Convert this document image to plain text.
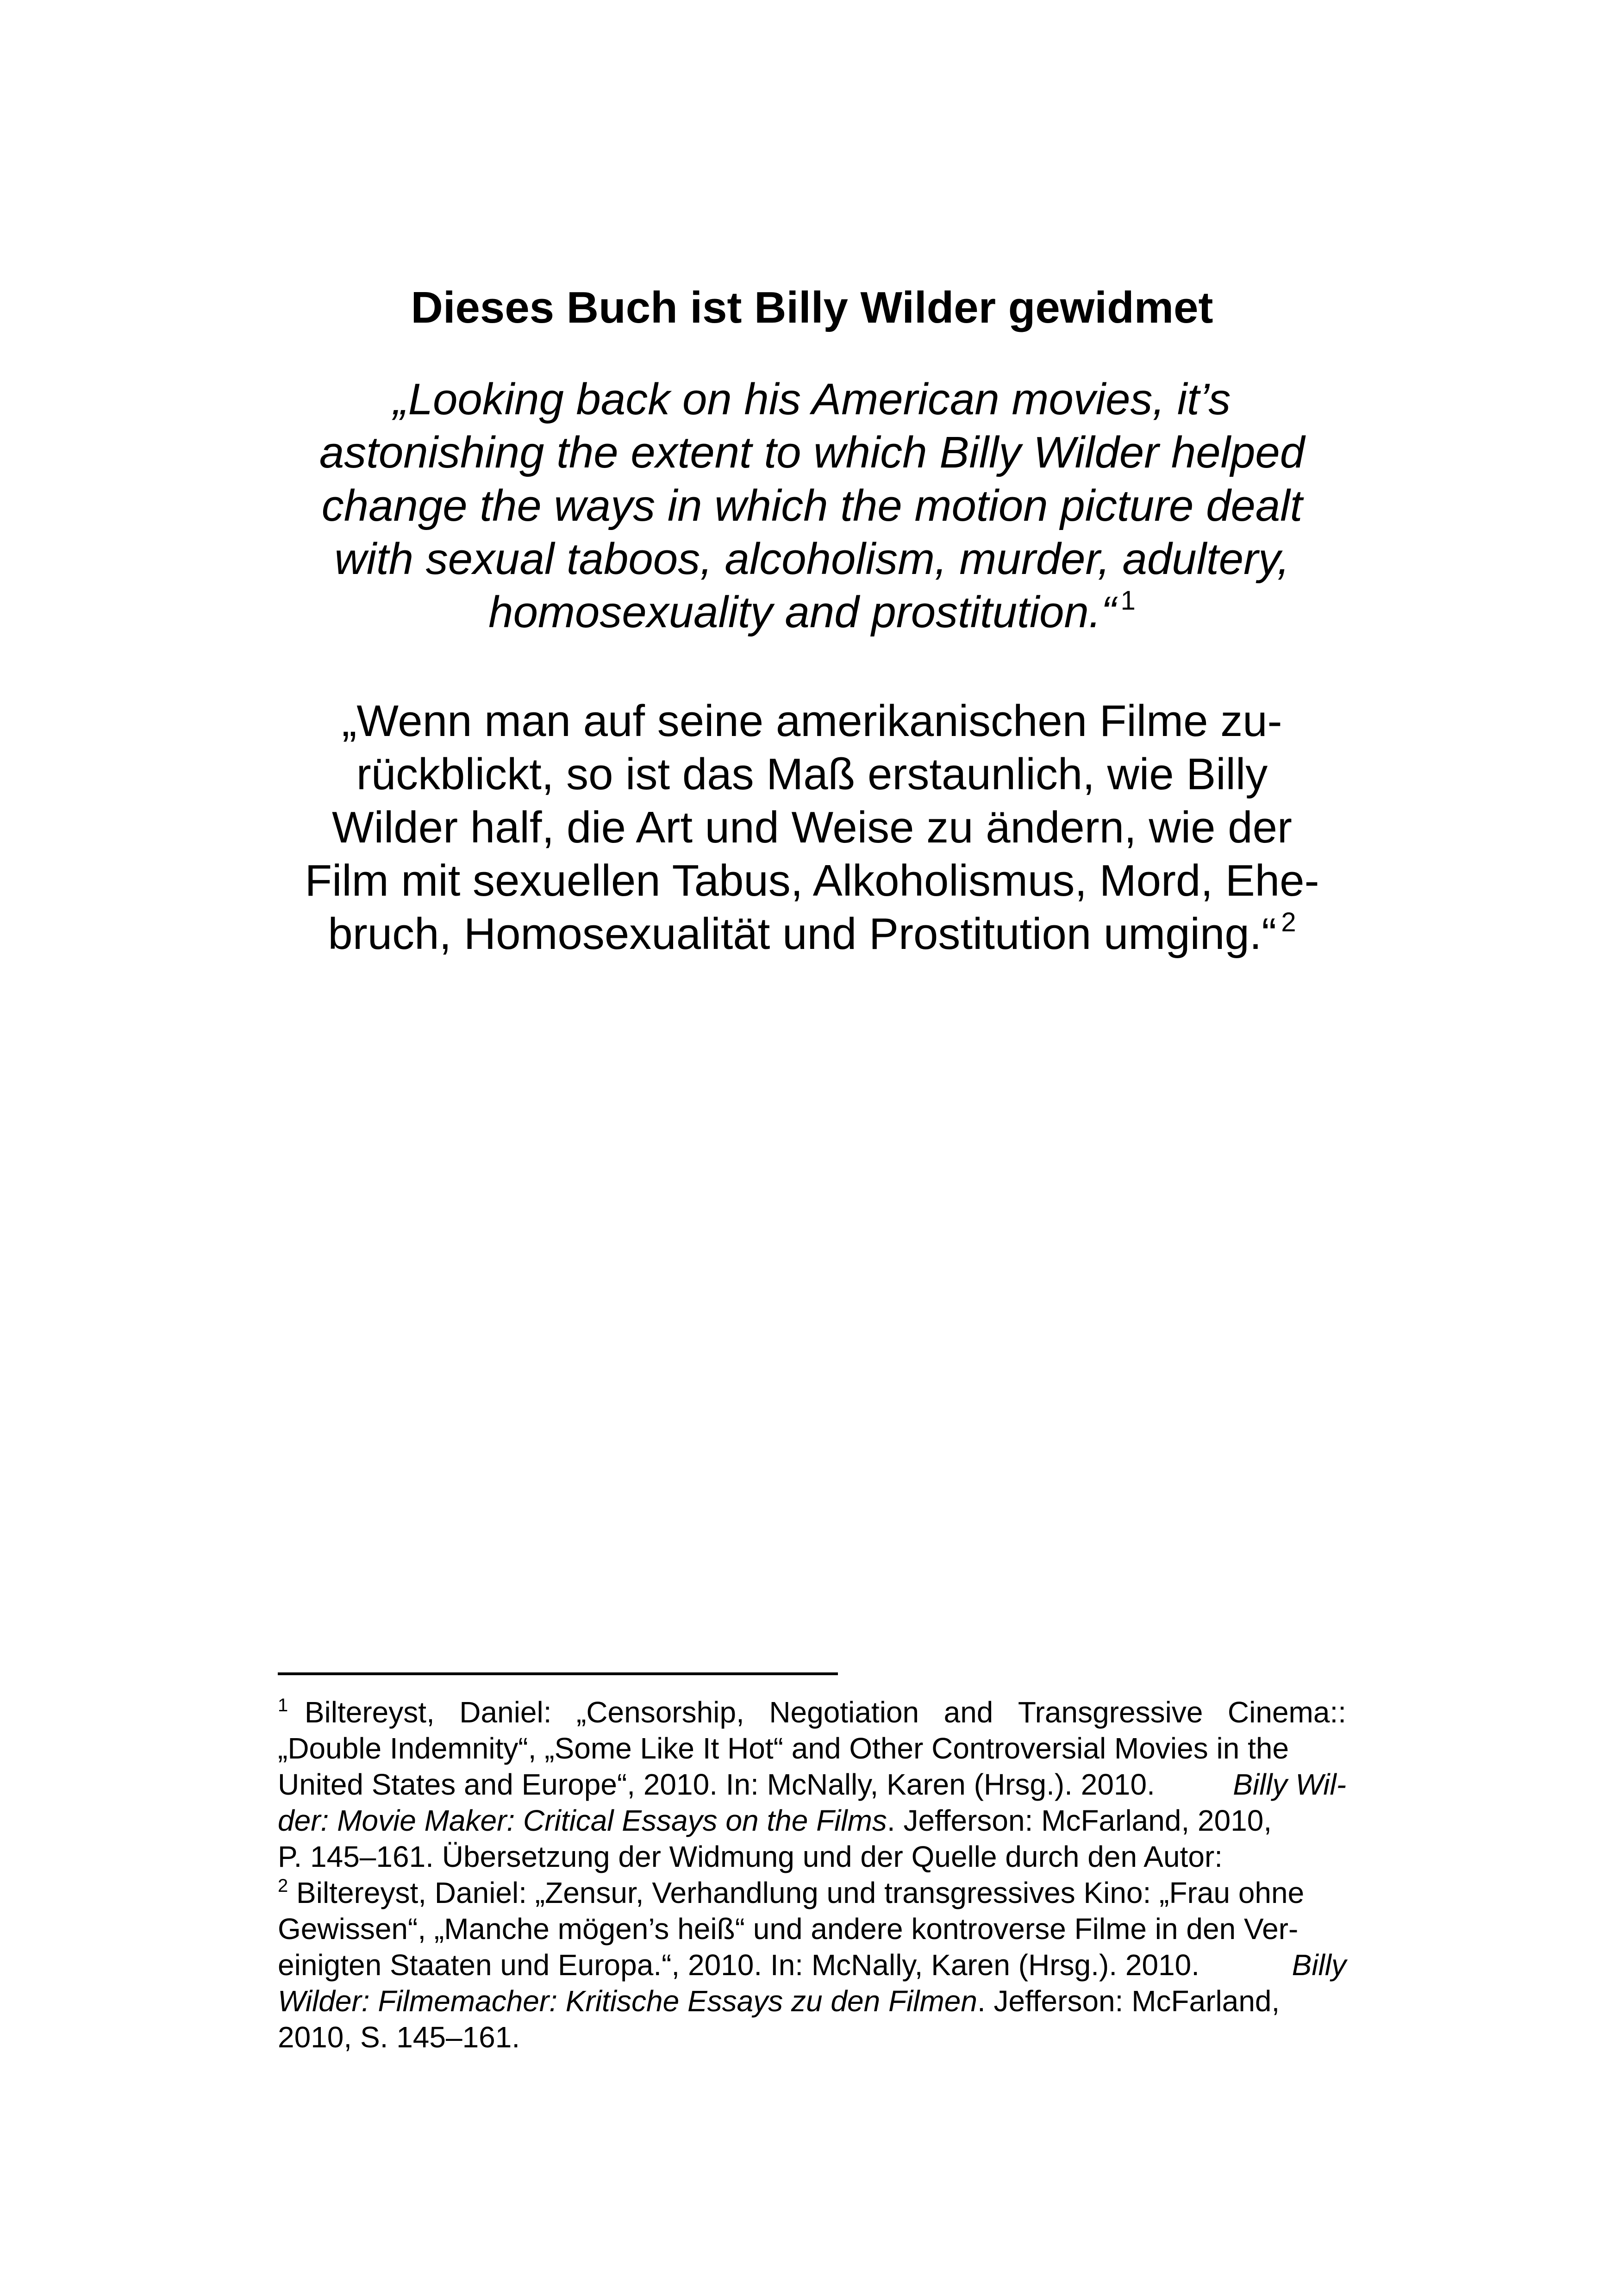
Dieses Buch ist Billy Wilder gewidmet
„Looking back on his American movies, it’s
astonishing the extent to which Billy Wilder helped
change the ways in which the motion picture dealt
with sexual taboos, alcoholism, murder, adultery,
homosexuality and prostitution.“ $^1$
„Wenn man auf seine amerikanischen Filme zu-
rückblickt, so ist das Maß erstaunlich, wie Billy
Wilder half, die Art und Weise zu ändern, wie der
Film mit sexuellen Tabus, Alkoholismus, Mord, Ehe-
bruch, Homosexualität und Prostitution umging.“ $^2$
$^1$ Biltereyst, Daniel: „Censorship, Negotiation and Transgressive Cinema::
„Double Indemnity“, „Some Like It Hot“ and Other Controversial Movies in the
United States and Europe“, 2010. In: McNally, Karen (Hrsg.). 2010.	Billy Wil-
der: Movie Maker: Critical Essays on the Films. Jefferson: McFarland, 2010,
P. 145–161. Übersetzung der Widmung und der Quelle durch den Autor:
$^2$ Biltereyst, Daniel: „Zensur, Verhandlung und transgressives Kino: „Frau ohne
Gewissen“, „Manche mögen’s heiß“ und andere kontroverse Filme in den Ver-
einigten Staaten und Europa.“, 2010. In: McNally, Karen (Hrsg.). 2010.	Billy
Wilder: Filmemacher: Kritische Essays zu den Filmen. Jefferson: McFarland,
2010, S. 145–161.
